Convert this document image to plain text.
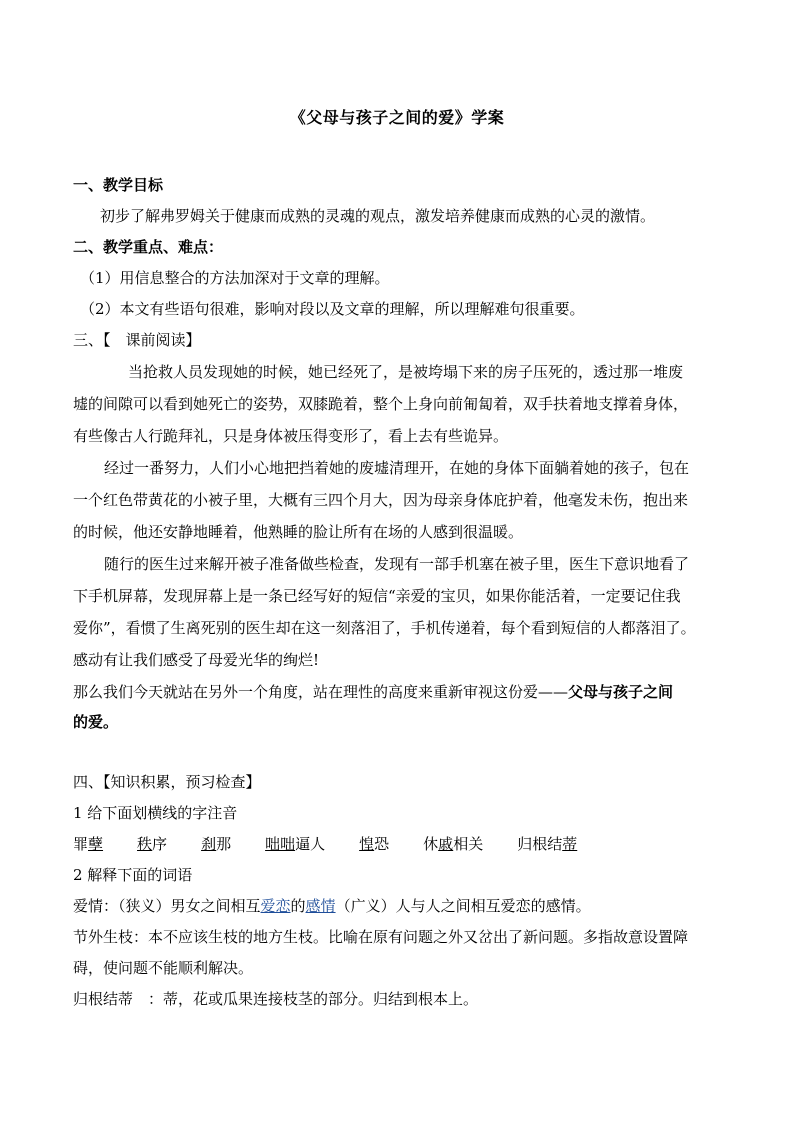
《父母与孩子之间的爱》学案
一、教学目标
初步了解弗罗姆关于健康而成熟的灵魂的观点，激发培养健康而成熟的心灵的激情。
二、教学重点、难点：
（1）用信息整合的方法加深对于文章的理解。
（2）本文有些语句很难，影响对段以及文章的理解，所以理解难句很重要。
三、【　课前阅读】
当抢救人员发现她的时候，她已经死了，是被垮塌下来的房子压死的，透过那一堆废
墟的间隙可以看到她死亡的姿势，双膝跪着，整个上身向前匍匐着，双手扶着地支撑着身体，
有些像古人行跪拜礼，只是身体被压得变形了，看上去有些诡异。
经过一番努力，人们小心地把挡着她的废墟清理开，在她的身体下面躺着她的孩子，包在
一个红色带黄花的小被子里，大概有三四个月大，因为母亲身体庇护着，他毫发未伤，抱出来
的时候，他还安静地睡着，他熟睡的脸让所有在场的人感到很温暖。
随行的医生过来解开被子准备做些检查，发现有一部手机塞在被子里，医生下意识地看了
下手机屏幕，发现屏幕上是一条已经写好的短信“亲爱的宝贝，如果你能活着，一定要记住我
爱你”，看惯了生离死别的医生却在这一刻落泪了，手机传递着，每个看到短信的人都落泪了。
感动有让我们感受了母爱光华的绚烂!
那么我们今天就站在另外一个角度，站在理性的高度来重新审视这份爱——父母与孩子之间
的爱。
四、【知识积累，预习检查】
1 给下面划横线的字注音
罪孽 秩序 刹那 咄咄逼人 惶恐 休戚相关 归根结蒂
2 解释下面的词语
爱情：（狭义）男女之间相互爱恋的感情（广义）人与人之间相互爱恋的感情。
节外生枝：本不应该生枝的地方生枝。比喻在原有问题之外又岔出了新问题。多指故意设置障
碍，使问题不能顺利解决。
归根结蒂　：蒂，花或瓜果连接枝茎的部分。归结到根本上。
